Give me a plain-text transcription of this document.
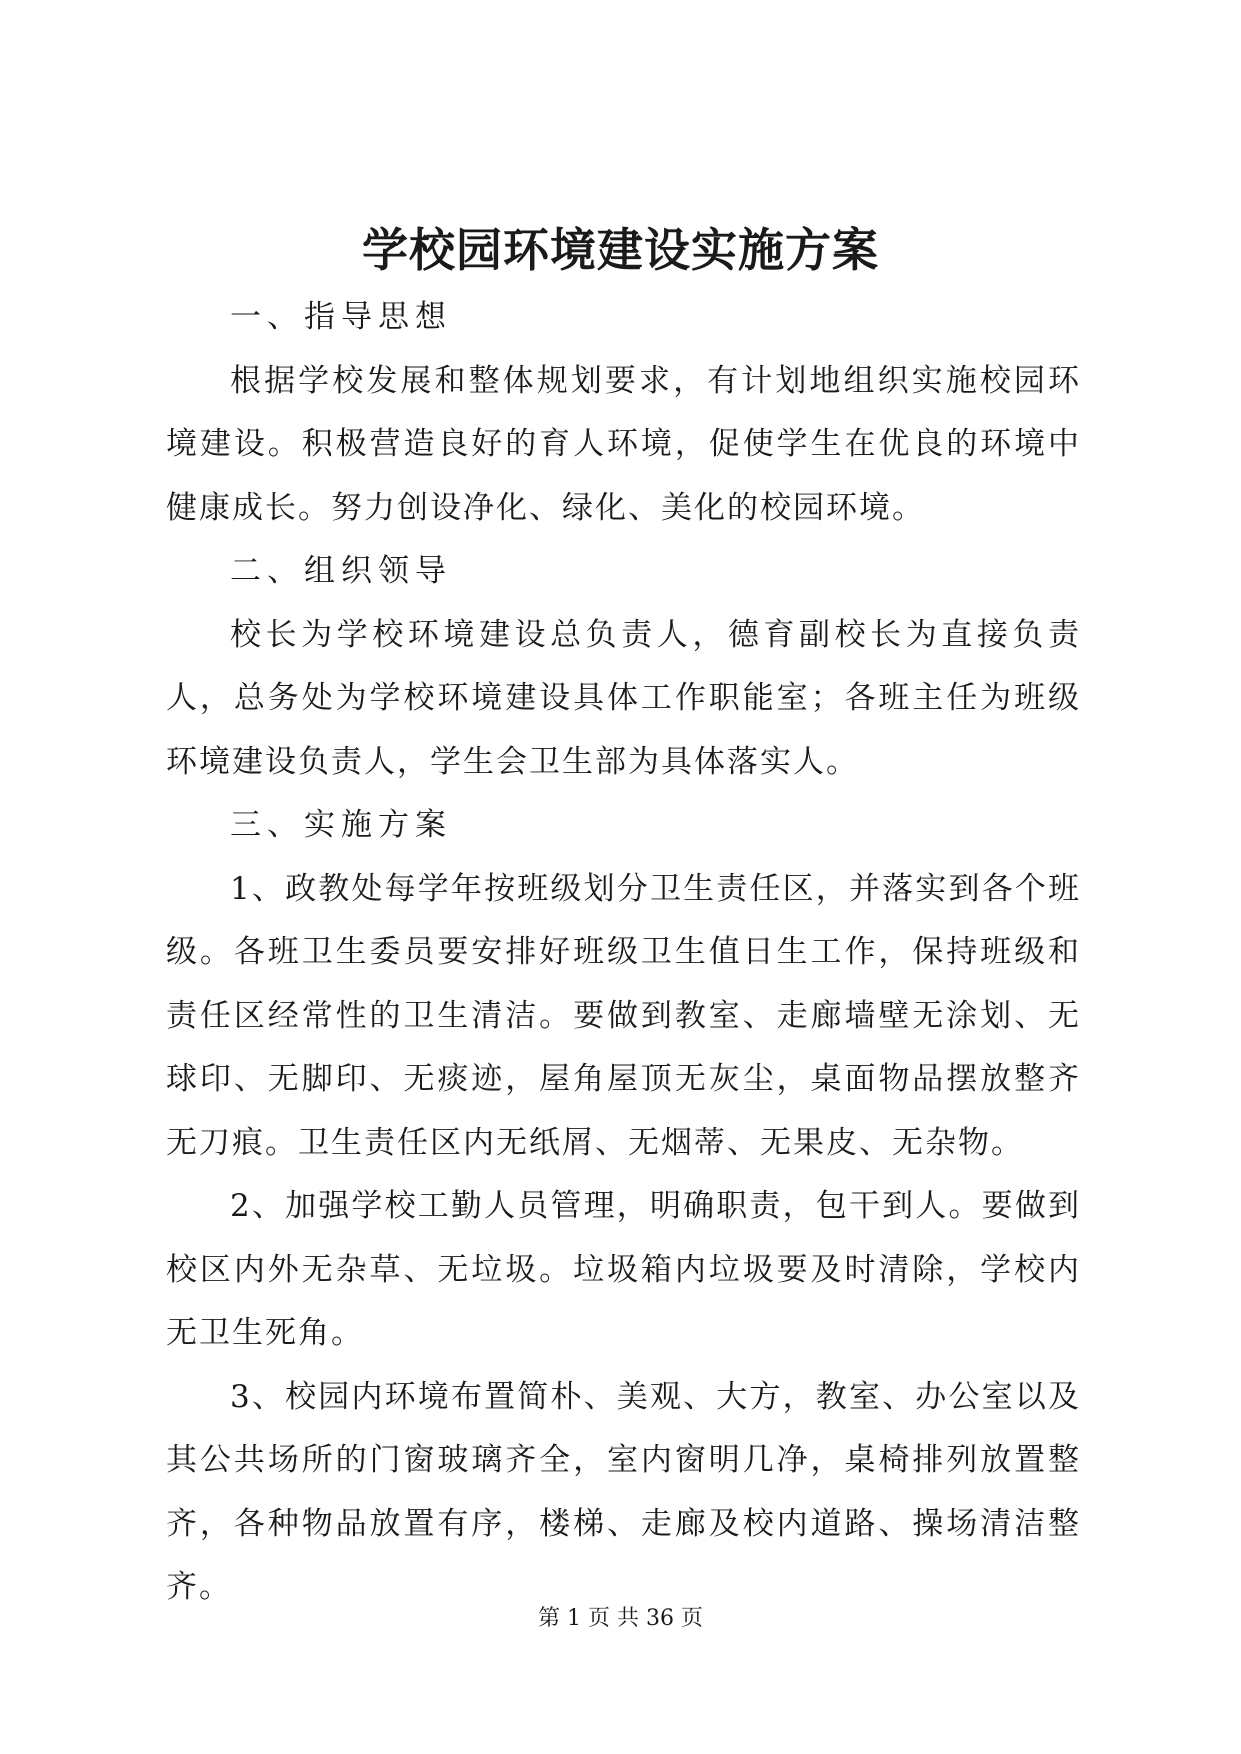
学校园环境建设实施方案

一、指导思想

根据学校发展和整体规划要求，有计划地组织实施校园环境建设。积极营造良好的育人环境，促使学生在优良的环境中健康成长。努力创设净化、绿化、美化的校园环境。

二、组织领导

校长为学校环境建设总负责人，德育副校长为直接负责人，总务处为学校环境建设具体工作职能室；各班主任为班级环境建设负责人，学生会卫生部为具体落实人。

三、实施方案

1、政教处每学年按班级划分卫生责任区，并落实到各个班级。各班卫生委员要安排好班级卫生值日生工作，保持班级和责任区经常性的卫生清洁。要做到教室、走廊墙壁无涂划、无球印、无脚印、无痰迹，屋角屋顶无灰尘，桌面物品摆放整齐无刀痕。卫生责任区内无纸屑、无烟蒂、无果皮、无杂物。

2、加强学校工勤人员管理，明确职责，包干到人。要做到校区内外无杂草、无垃圾。垃圾箱内垃圾要及时清除，学校内无卫生死角。

3、校园内环境布置简朴、美观、大方，教室、办公室以及其公共场所的门窗玻璃齐全，室内窗明几净，桌椅排列放置整齐，各种物品放置有序，楼梯、走廊及校内道路、操场清洁整齐。

第 1 页 共 36 页
